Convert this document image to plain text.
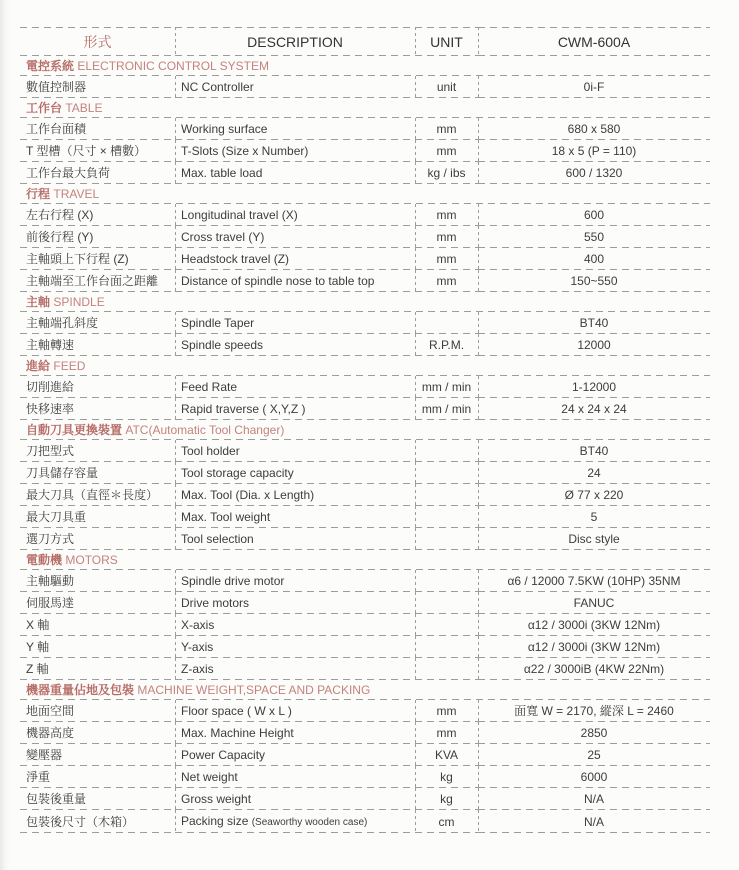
形式	DESCRIPTION	UNIT	CWM-600A
電控系統 ELECTRONIC CONTROL SYSTEM			
數值控制器	NC Controller	unit	0i-F
工作台 TABLE			
工作台面積	Working surface	mm	680 x 580
T 型槽（尺寸 × 槽數）	T-Slots (Size x Number)	mm	18 x 5 (P = 110)
工作台最大負荷	Max. table load	kg / ibs	600 / 1320
行程 TRAVEL			
左右行程 (X)	Longitudinal travel (X)	mm	600
前後行程 (Y)	Cross travel (Y)	mm	550
主軸頭上下行程 (Z)	Headstock travel (Z)	mm	400
主軸端至工作台面之距離	Distance of spindle nose to table top	mm	150~550
主軸 SPINDLE			
主軸端孔斜度	Spindle Taper		BT40
主軸轉速	Spindle speeds	R.P.M.	12000
進給 FEED			
切削進給	Feed Rate	mm / min	1-12000
快移速率	Rapid traverse ( X,Y,Z )	mm / min	24 x 24 x 24
自動刀具更換裝置 ATC(Automatic Tool Changer)			
刀把型式	Tool holder		BT40
刀具儲存容量	Tool storage capacity		24
最大刀具（直徑＊長度）	Max. Tool (Dia. x Length)		Ø 77 x 220
最大刀具重	Max. Tool weight		5
選刀方式	Tool selection		Disc style
電動機 MOTORS			
主軸驅動	Spindle drive motor		α6 / 12000 7.5KW (10HP) 35NM
伺服馬達	Drive motors		FANUC
X 軸	X-axis		α12 / 3000i (3KW 12Nm)
Y 軸	Y-axis		α12 / 3000i (3KW 12Nm)
Z 軸	Z-axis		α22 / 3000iB (4KW 22Nm)
機器重量佔地及包裝 MACHINE WEIGHT,SPACE AND PACKING			
地面空間	Floor space ( W x L )	mm	面寬 W = 2170, 縱深 L = 2460
機器高度	Max. Machine Height	mm	2850
變壓器	Power Capacity	KVA	25
淨重	Net weight	kg	6000
包裝後重量	Gross weight	kg	N/A
包裝後尺寸（木箱）	Packing size (Seaworthy wooden case)	cm	N/A
